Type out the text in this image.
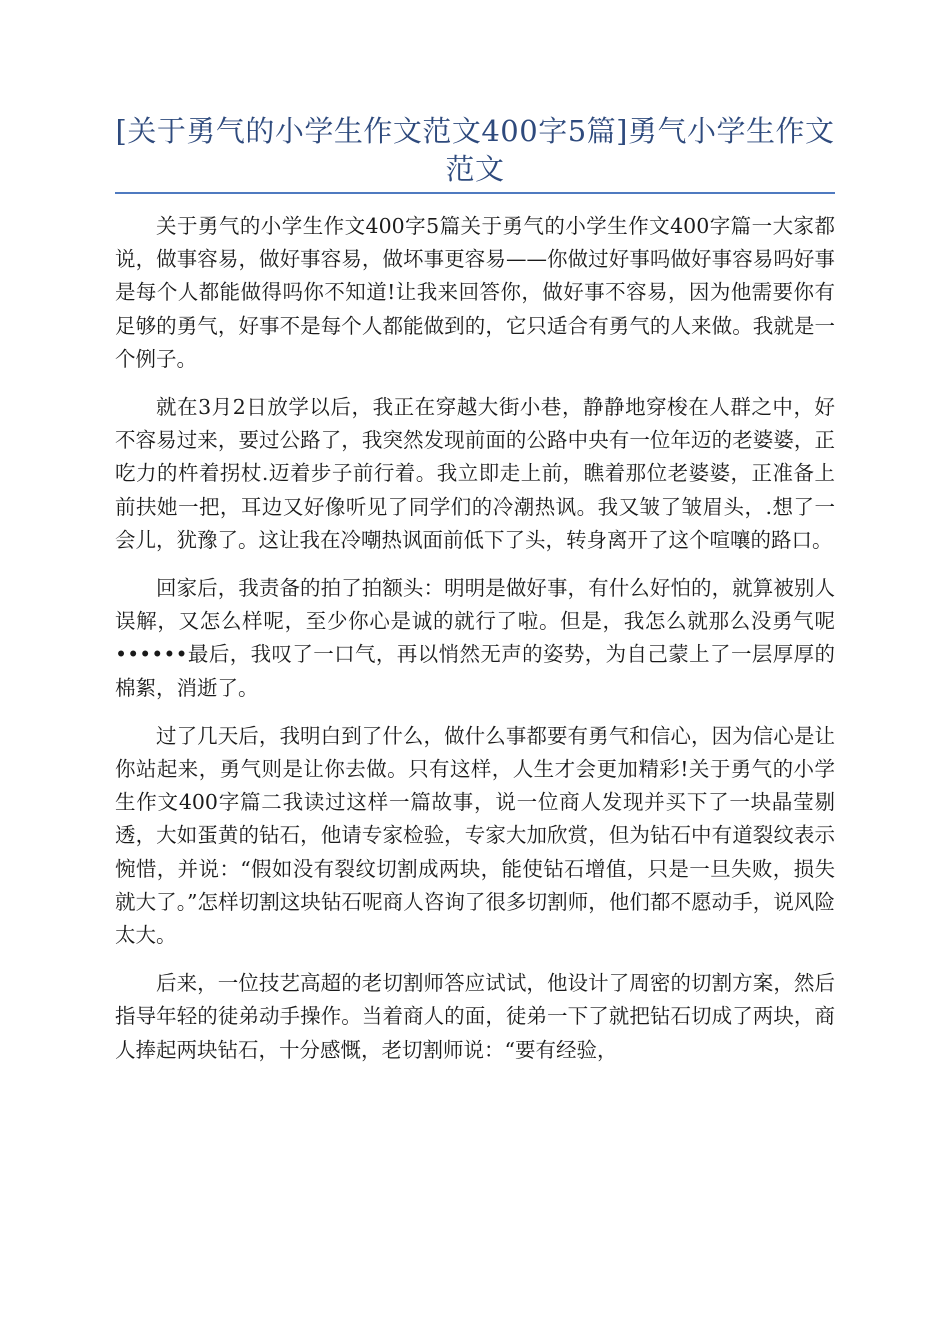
[关于勇气的小学生作文范文400字5篇]勇气小学生作文范文

关于勇气的小学生作文400字5篇关于勇气的小学生作文400字篇一大家都说，做事容易，做好事容易，做坏事更容易——你做过好事吗做好事容易吗好事是每个人都能做得吗你不知道!让我来回答你，做好事不容易，因为他需要你有足够的勇气，好事不是每个人都能做到的，它只适合有勇气的人来做。我就是一个例子。

就在3月2日放学以后，我正在穿越大街小巷，静静地穿梭在人群之中，好不容易过来，要过公路了，我突然发现前面的公路中央有一位年迈的老婆婆，正吃力的杵着拐杖.迈着步子前行着。我立即走上前，瞧着那位老婆婆，正准备上前扶她一把，耳边又好像听见了同学们的冷潮热讽。我又皱了皱眉头，.想了一会儿，犹豫了。这让我在冷嘲热讽面前低下了头，转身离开了这个喧嚷的路口。

回家后，我责备的拍了拍额头：明明是做好事，有什么好怕的，就算被别人误解，又怎么样呢，至少你心是诚的就行了啦。但是，我怎么就那么没勇气呢••••••最后，我叹了一口气，再以悄然无声的姿势，为自己蒙上了一层厚厚的棉絮，消逝了。

过了几天后，我明白到了什么，做什么事都要有勇气和信心，因为信心是让你站起来，勇气则是让你去做。只有这样，人生才会更加精彩!关于勇气的小学生作文400字篇二我读过这样一篇故事，说一位商人发现并买下了一块晶莹剔透，大如蛋黄的钻石，他请专家检验，专家大加欣赏，但为钻石中有道裂纹表示惋惜，并说：“假如没有裂纹切割成两块，能使钻石增值，只是一旦失败，损失就大了。”怎样切割这块钻石呢商人咨询了很多切割师，他们都不愿动手，说风险太大。

后来，一位技艺高超的老切割师答应试试，他设计了周密的切割方案，然后指导年轻的徒弟动手操作。当着商人的面，徒弟一下了就把钻石切成了两块，商人捧起两块钻石，十分感慨，老切割师说：“要有经验，
